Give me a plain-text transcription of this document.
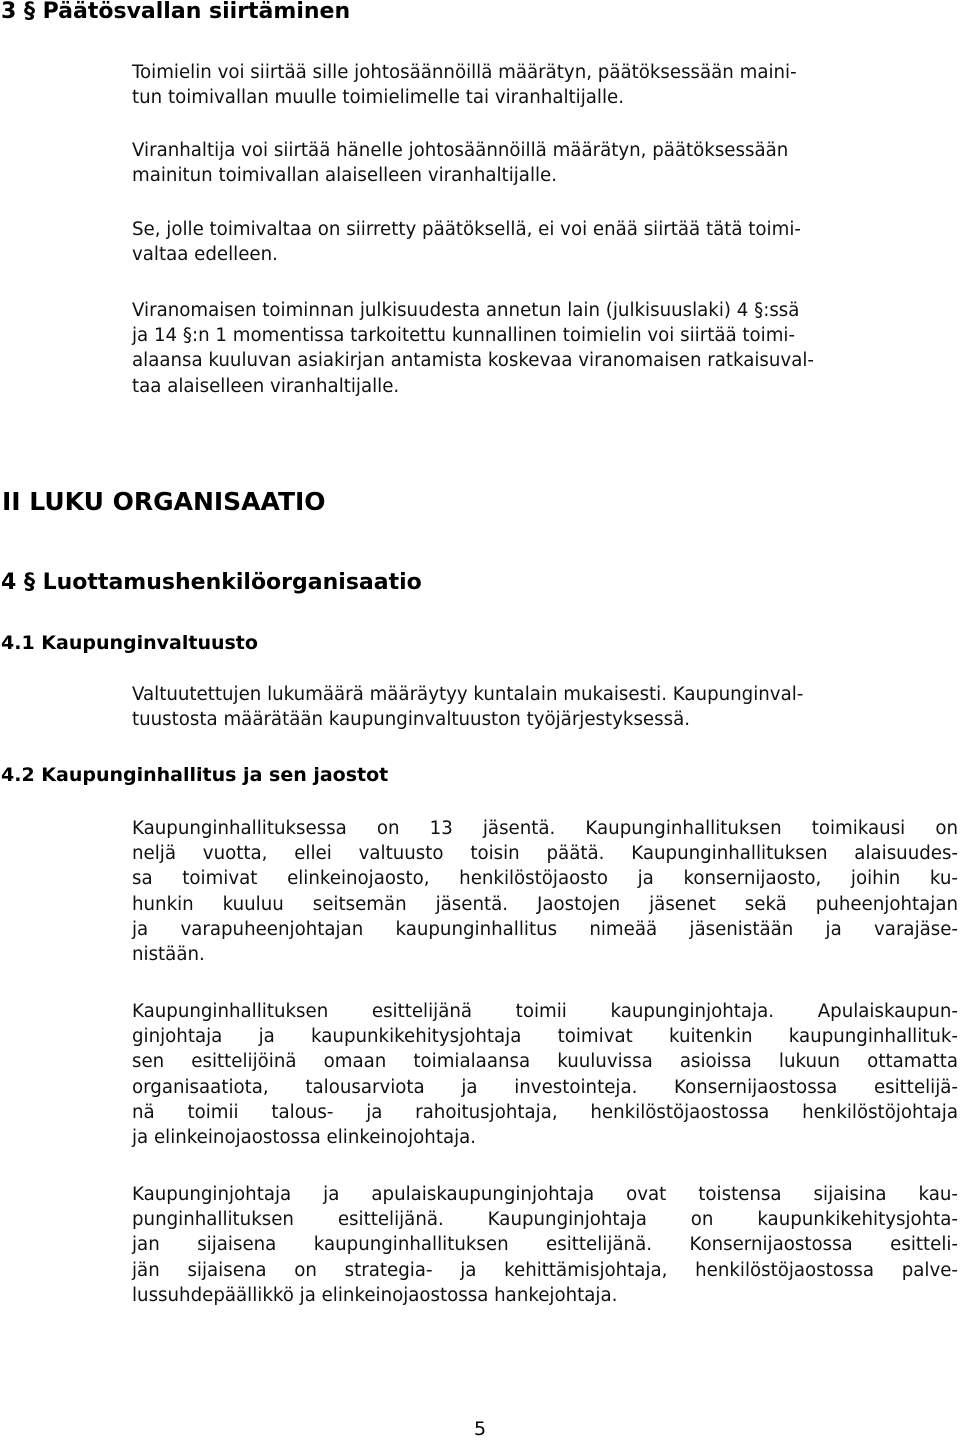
3 § Päätösvallan siirtäminen

Toimielin voi siirtää sille johtosäännöillä määrätyn, päätöksessään maini-
tun toimivallan muulle toimielimelle tai viranhaltijalle.

Viranhaltija voi siirtää hänelle johtosäännöillä määrätyn, päätöksessään
mainitun toimivallan alaiselleen viranhaltijalle.

Se, jolle toimivaltaa on siirretty päätöksellä, ei voi enää siirtää tätä toimi-
valtaa edelleen.

Viranomaisen toiminnan julkisuudesta annetun lain (julkisuuslaki) 4 §:ssä
ja 14 §:n 1 momentissa tarkoitettu kunnallinen toimielin voi siirtää toimi-
alaansa kuuluvan asiakirjan antamista koskevaa viranomaisen ratkaisuval-
taa alaiselleen viranhaltijalle.

II LUKU ORGANISAATIO
4 § Luottamushenkilöorganisaatio
4.1 Kaupunginvaltuusto

Valtuutettujen lukumäärä määräytyy kuntalain mukaisesti. Kaupunginval-
tuustosta määrätään kaupunginvaltuuston työjärjestyksessä.

4.2 Kaupunginhallitus ja sen jaostot

Kaupunginhallituksessa on 13 jäsentä. Kaupunginhallituksen toimikausi on
neljä vuotta, ellei valtuusto toisin päätä. Kaupunginhallituksen alaisuudes-
sa toimivat elinkeinojaosto, henkilöstöjaosto ja konsernijaosto, joihin ku-
hunkin kuuluu seitsemän jäsentä. Jaostojen jäsenet sekä puheenjohtajan
ja varapuheenjohtajan kaupunginhallitus nimeää jäsenistään ja varajäse-
nistään.

Kaupunginhallituksen esittelijänä toimii kaupunginjohtaja. Apulaiskaupun-
ginjohtaja ja kaupunkikehitysjohtaja toimivat kuitenkin kaupunginhallituk-
sen esittelijöinä omaan toimialaansa kuuluvissa asioissa lukuun ottamatta
organisaatiota, talousarviota ja investointeja. Konsernijaostossa esittelijä-
nä toimii talous- ja rahoitusjohtaja, henkilöstöjaostossa henkilöstöjohtaja
ja elinkeinojaostossa elinkeinojohtaja.

Kaupunginjohtaja ja apulaiskaupunginjohtaja ovat toistensa sijaisina kau-
punginhallituksen esittelijänä. Kaupunginjohtaja on kaupunkikehitysjohta-
jan sijaisena kaupunginhallituksen esittelijänä. Konsernijaostossa esitteli-
jän sijaisena on strategia- ja kehittämisjohtaja, henkilöstöjaostossa palve-
lussuhdepäällikkö ja elinkeinojaostossa hankejohtaja.

5
